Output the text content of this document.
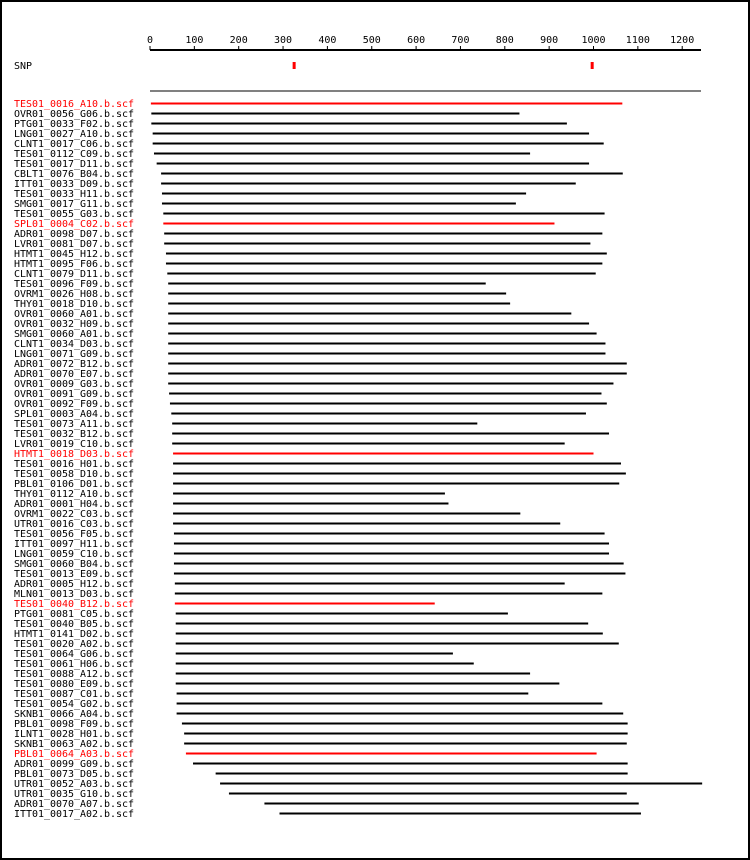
0	100	200	300	400	500	600	700	800	900 1000 1100 1200
SNP
TES01_0016_A10.b.scf
OVR01_0056_G06.b.scf
PTG01_0033_F02.b.scf
LNG01_0027_A10.b.scf
CLNT1_0017_C06.b.scf
TES01_0112_C09.b.scf
TES01_0017_D11.b.scf
CBLT1_0076_B04.b.scf
ITT01_0033_D09.b.scf
TES01_0033_H11.b.scf
SMG01_0017_G11.b.scf
TES01_0055_G03.b.scf
SPL01_0004_C02.b.scf
ADR01_0098_D07.b.scf
LVR01_0081_D07.b.scf
HTMT1_0045_H12.b.scf
HTMT1_0095_F06.b.scf
CLNT1_0079_D11.b.scf
TES01_0096_F09.b.scf
OVRM1_0026_H08.b.scf
THY01_0018_D10.b.scf
OVR01_0060_A01.b.scf
OVR01_0032_H09.b.scf
SMG01_0060_A01.b.scf
CLNT1_0034_D03.b.scf
LNG01_0071_G09.b.scf
ADR01_0072_B12.b.scf
ADR01_0070_E07.b.scf
OVR01_0009_G03.b.scf
OVR01_0091_G09.b.scf
OVR01_0092_F09.b.scf
SPL01_0003_A04.b.scf
TES01_0073_A11.b.scf
TES01_0032_B12.b.scf
LVR01_0019_C10.b.scf
HTMT1_0018_D03.b.scf
TES01_0016_H01.b.scf
TES01_0058_D10.b.scf
PBL01_0106_D01.b.scf
THY01_0112_A10.b.scf
ADR01_0001_H04.b.scf
OVRM1_0022_C03.b.scf
UTR01_0016_C03.b.scf
TES01_0056_F05.b.scf
ITT01_0097_H11.b.scf
LNG01_0059_C10.b.scf
SMG01_0060_B04.b.scf
TES01_0013_E09.b.scf
ADR01_0005_H12.b.scf
MLN01_0013_D03.b.scf
TES01_0040_B12.b.scf
PTG01_0081_C05.b.scf
TES01_0040_B05.b.scf
HTMT1_0141_D02.b.scf
TES01_0020_A02.b.scf
TES01_0064_G06.b.scf
TES01_0061_H06.b.scf
TES01_0088_A12.b.scf
TES01_0080_E09.b.scf
TES01_0087_C01.b.scf
TES01_0054_G02.b.scf
SKNB1_0066_A04.b.scf
PBL01_0098_F09.b.scf
ILNT1_0028_H01.b.scf
SKNB1_0063_A02.b.scf
PBL01_0064_A03.b.scf
ADR01_0099_G09.b.scf
PBL01_0073_D05.b.scf
UTR01_0052_A03.b.scf
UTR01_0035_G10.b.scf
ADR01_0070_A07.b.scf
ITT01_0017_A02.b.scf
